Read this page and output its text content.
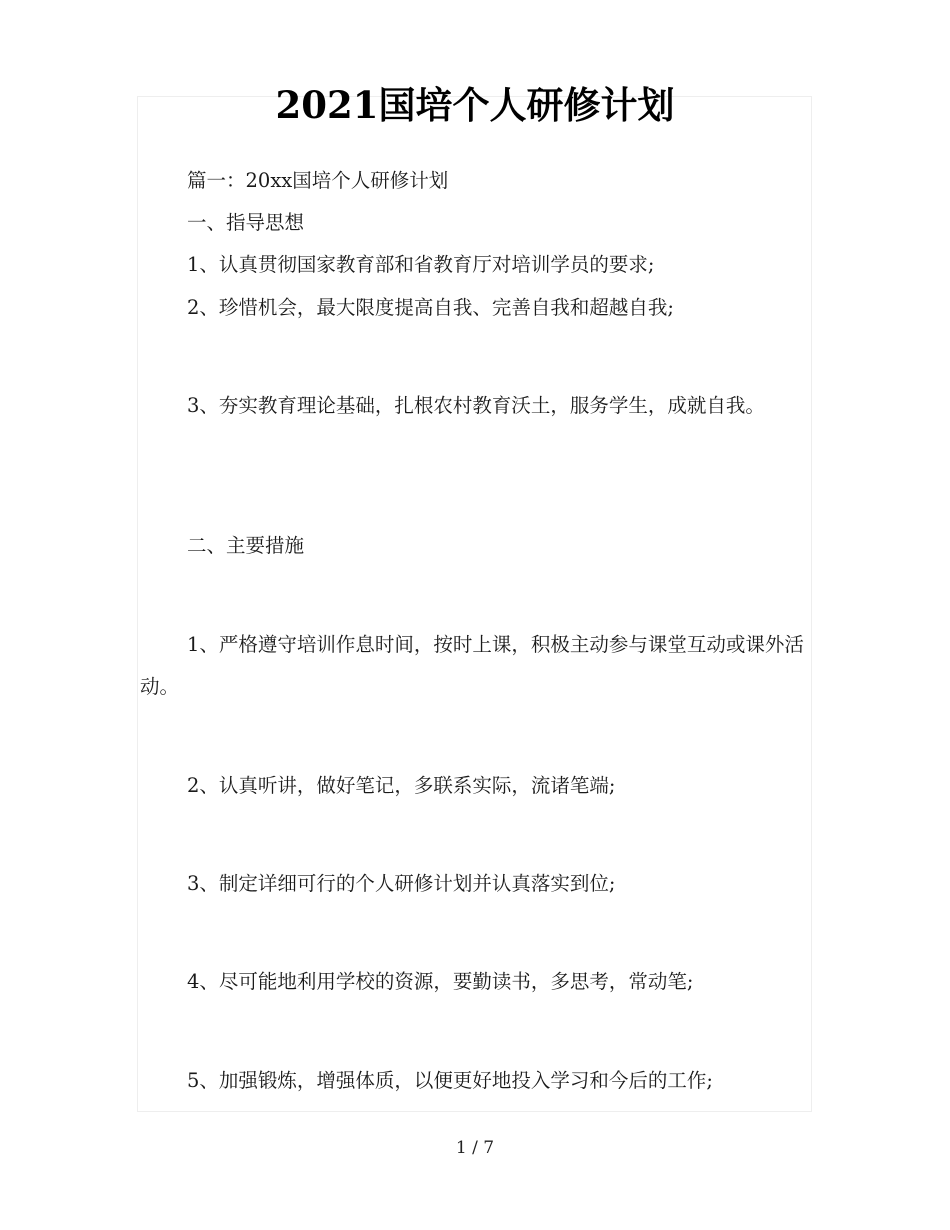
2021国培个人研修计划

篇一：20xx国培个人研修计划

一、指导思想

1、认真贯彻国家教育部和省教育厅对培训学员的要求;

2、珍惜机会，最大限度提高自我、完善自我和超越自我;

3、夯实教育理论基础，扎根农村教育沃土，服务学生，成就自我。

二、主要措施

1、严格遵守培训作息时间，按时上课，积极主动参与课堂互动或课外活动。

2、认真听讲，做好笔记，多联系实际，流诸笔端;

3、制定详细可行的个人研修计划并认真落实到位;

4、尽可能地利用学校的资源，要勤读书，多思考，常动笔;

5、加强锻炼，增强体质，以便更好地投入学习和今后的工作;

1 / 7
